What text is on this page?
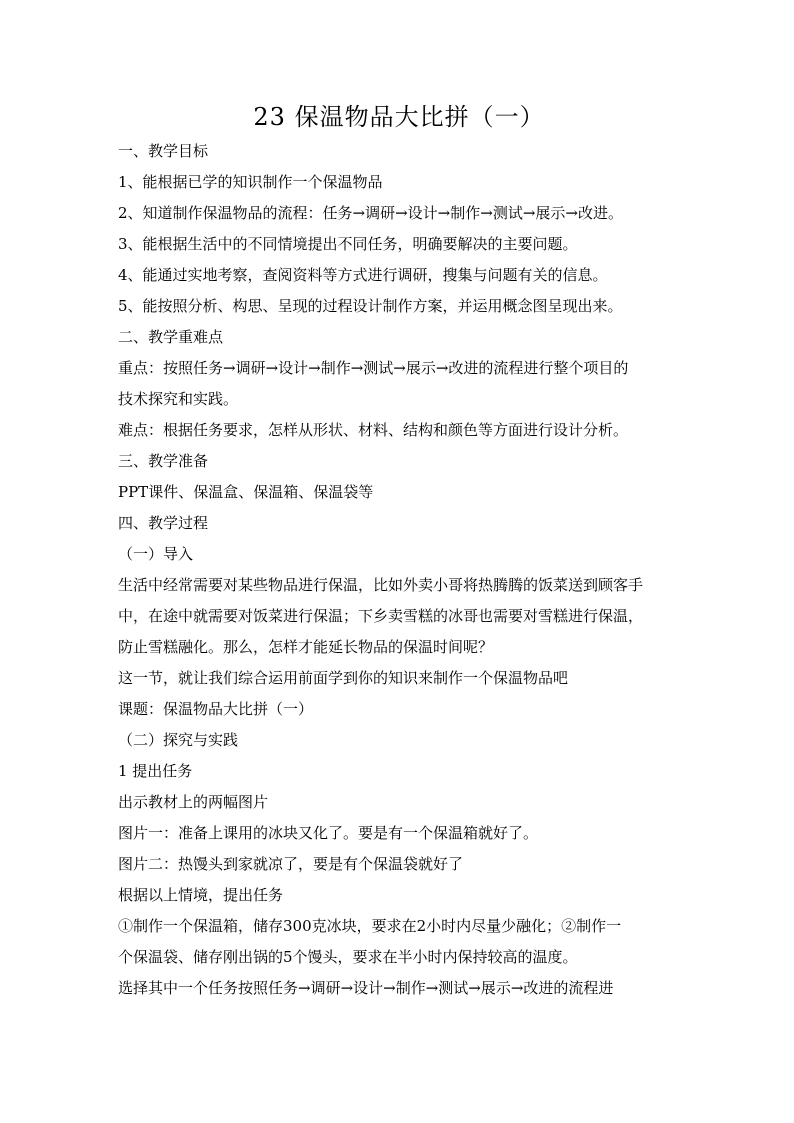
23 保温物品大比拼（一）

一、教学目标

1、能根据已学的知识制作一个保温物品

2、知道制作保温物品的流程：任务→调研→设计→制作→测试→展示→改进。

3、能根据生活中的不同情境提出不同任务，明确要解决的主要问题。

4、能通过实地考察，查阅资料等方式进行调研，搜集与问题有关的信息。

5、能按照分析、构思、呈现的过程设计制作方案，并运用概念图呈现出来。

二、教学重难点

重点：按照任务→调研→设计→制作→测试→展示→改进的流程进行整个项目的

技术探究和实践。

难点：根据任务要求，怎样从形状、材料、结构和颜色等方面进行设计分析。

三、教学准备

PPT课件、保温盒、保温箱、保温袋等

四、教学过程

（一）导入

生活中经常需要对某些物品进行保温，比如外卖小哥将热腾腾的饭菜送到顾客手

中，在途中就需要对饭菜进行保温；下乡卖雪糕的冰哥也需要对雪糕进行保温，

防止雪糕融化。那么，怎样才能延长物品的保温时间呢？

这一节，就让我们综合运用前面学到你的知识来制作一个保温物品吧

课题：保温物品大比拼（一）

（二）探究与实践

1 提出任务

出示教材上的两幅图片

图片一：准备上课用的冰块又化了。要是有一个保温箱就好了。

图片二：热馒头到家就凉了，要是有个保温袋就好了

根据以上情境，提出任务

①制作一个保温箱，储存300克冰块，要求在2小时内尽量少融化；②制作一

个保温袋、储存刚出锅的5个馒头，要求在半小时内保持较高的温度。

选择其中一个任务按照任务→调研→设计→制作→测试→展示→改进的流程进
